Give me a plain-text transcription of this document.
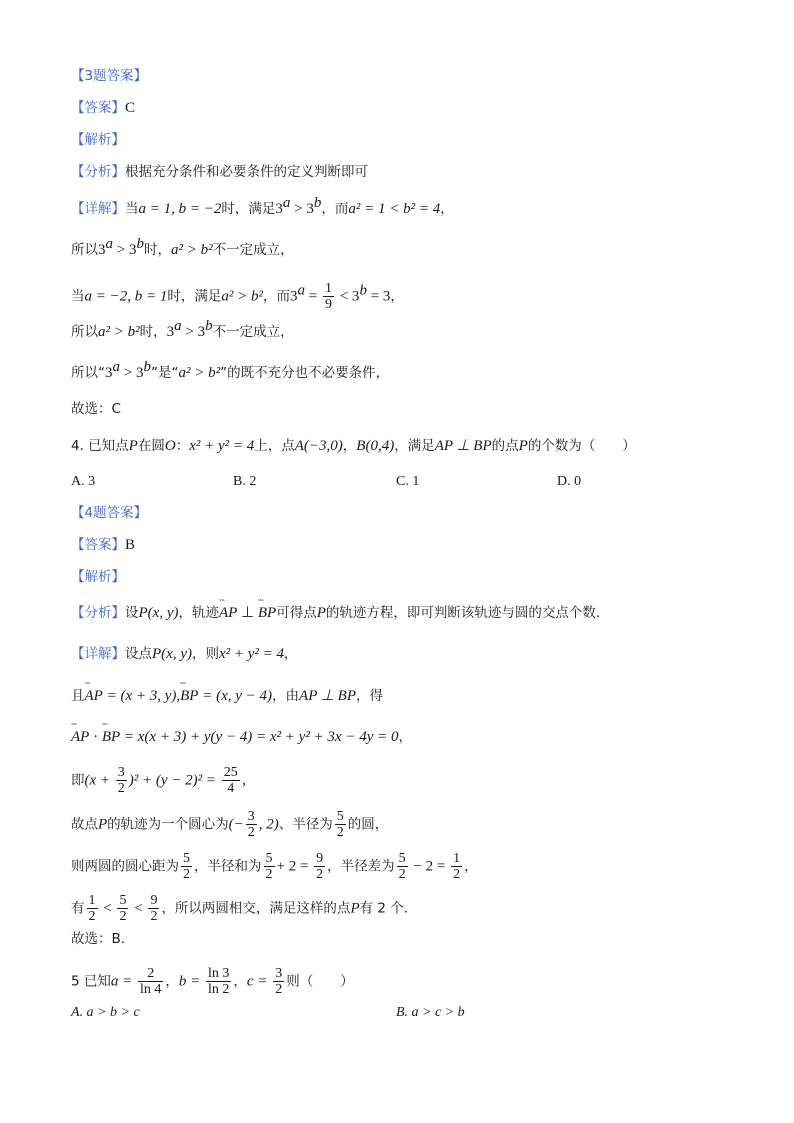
【3题答案】
【答案】C
【解析】
【分析】根据充分条件和必要条件的定义判断即可
【详解】当a = 1, b = −2时，满足$3^a > 3^b$，而a² = 1 < b² = 4，
所以$3^a > 3^b$时，a² > b²不一定成立，
当a = −2, b = 1时，满足a² > b²，而$3^a = \frac{1}{9} < 3^b = 3$，
所以a² > b²时，$3^a > 3^b$不一定成立，
所以“$3^a > 3^b$”是“a² > b²”的既不充分也不必要条件，
故选：C
4. 已知点P在圆O：x² + y² = 4上，点A(−3,0)，B(0,4)，满足AP ⊥ BP的点P的个数为（　　）
A. 3	B. 2	C. 1	D. 0
【4题答案】
【答案】B
【解析】
【分析】设P(x, y)，轨迹˜˜˜ AP ⊥ ˜˜˜ BP可得点P的轨迹方程，即可判断该轨迹与圆的交点个数.
【详解】设点P(x, y)，则x² + y² = 4，
且˜˜˜ AP = (x + 3, y),˜˜˜ BP = (x, y − 4)，由AP ⊥ BP，得
˜˜˜ AP · ˜˜˜ BP = x(x + 3) + y(y − 4) = x² + y² + 3x − 4y = 0，
即$(x + \frac{3}{2} )^2 + (y - 2)^2 = \frac{25}{4}$ ，
故点P的轨迹为一个圆心为(− $\frac{3}{2}$ , 2)、半径为 $\frac{5}{2}$ 的圆，
则两圆的圆心距为 $\frac{5}{2}$ ，半径和为 $\frac{5}{2} + 2 = \frac{9}{2}$ ，半径差为 $\frac{5}{2} - 2 = \frac{1}{2}$ ，
有 $\frac{1}{2} < \frac{5}{2} < \frac{9}{2}$ ，所以两圆相交，满足这样的点P有 2 个.
故选：B.
5 已知$a = \frac{2}{\ln 4}$ ，$b = \frac{\ln 3}{\ln 2}$ ，$c = \frac{3}{2}$ 则（　　）
A. a > b > c	B. a > c > b
